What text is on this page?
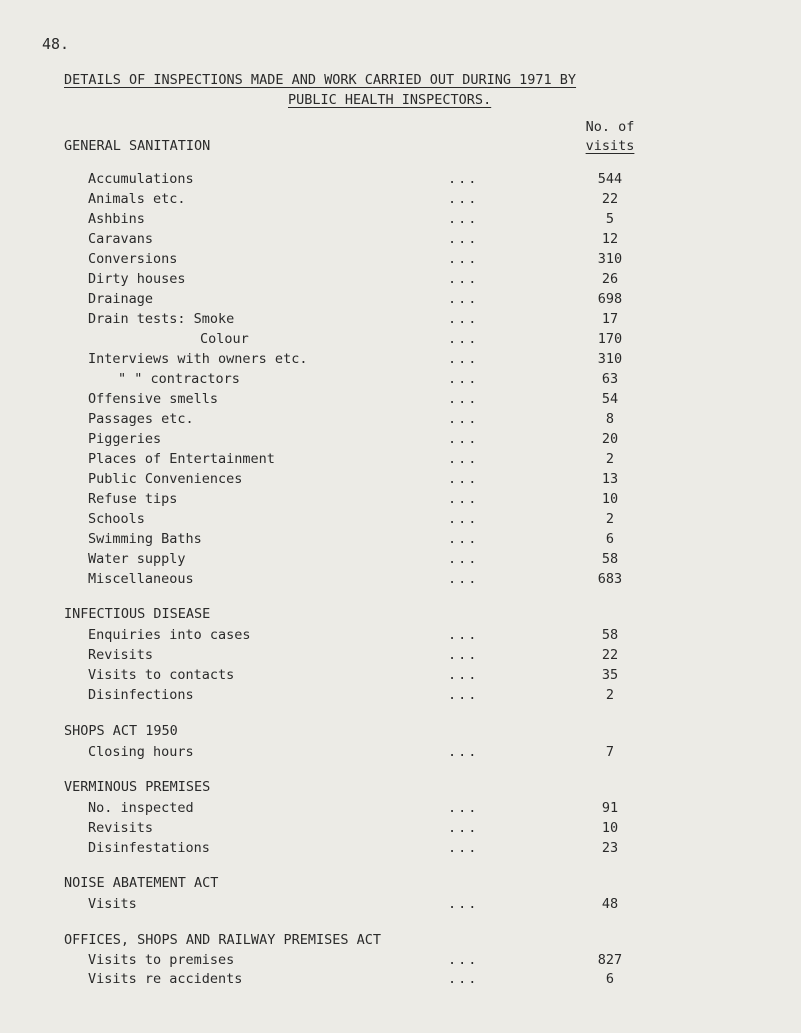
48.
DETAILS OF INSPECTIONS MADE AND WORK CARRIED OUT DURING 1971 BY
PUBLIC HEALTH INSPECTORS.
No. of
visits
GENERAL SANITATION
Accumulations	...	544
Animals etc.	...	22
Ashbins	...	5
Caravans	...	12
Conversions	...	310
Dirty houses	...	26
Drainage	...	698
Drain tests: Smoke	...	17
Colour	...	170
Interviews with owners etc.	...	310
" " contractors	...	63
Offensive smells	...	54
Passages etc.	...	8
Piggeries	...	20
Places of Entertainment	...	2
Public Conveniences	...	13
Refuse tips	...	10
Schools	...	2
Swimming Baths	...	6
Water supply	...	58
Miscellaneous	...	683
INFECTIOUS DISEASE
Enquiries into cases	...	58
Revisits	...	22
Visits to contacts	...	35
Disinfections	...	2
SHOPS ACT 1950
Closing hours	...	7
VERMINOUS PREMISES
No. inspected	...	91
Revisits	...	10
Disinfestations	...	23
NOISE ABATEMENT ACT
Visits	...	48
OFFICES, SHOPS AND RAILWAY PREMISES ACT
Visits to premises	...	827
Visits re accidents	...	6
